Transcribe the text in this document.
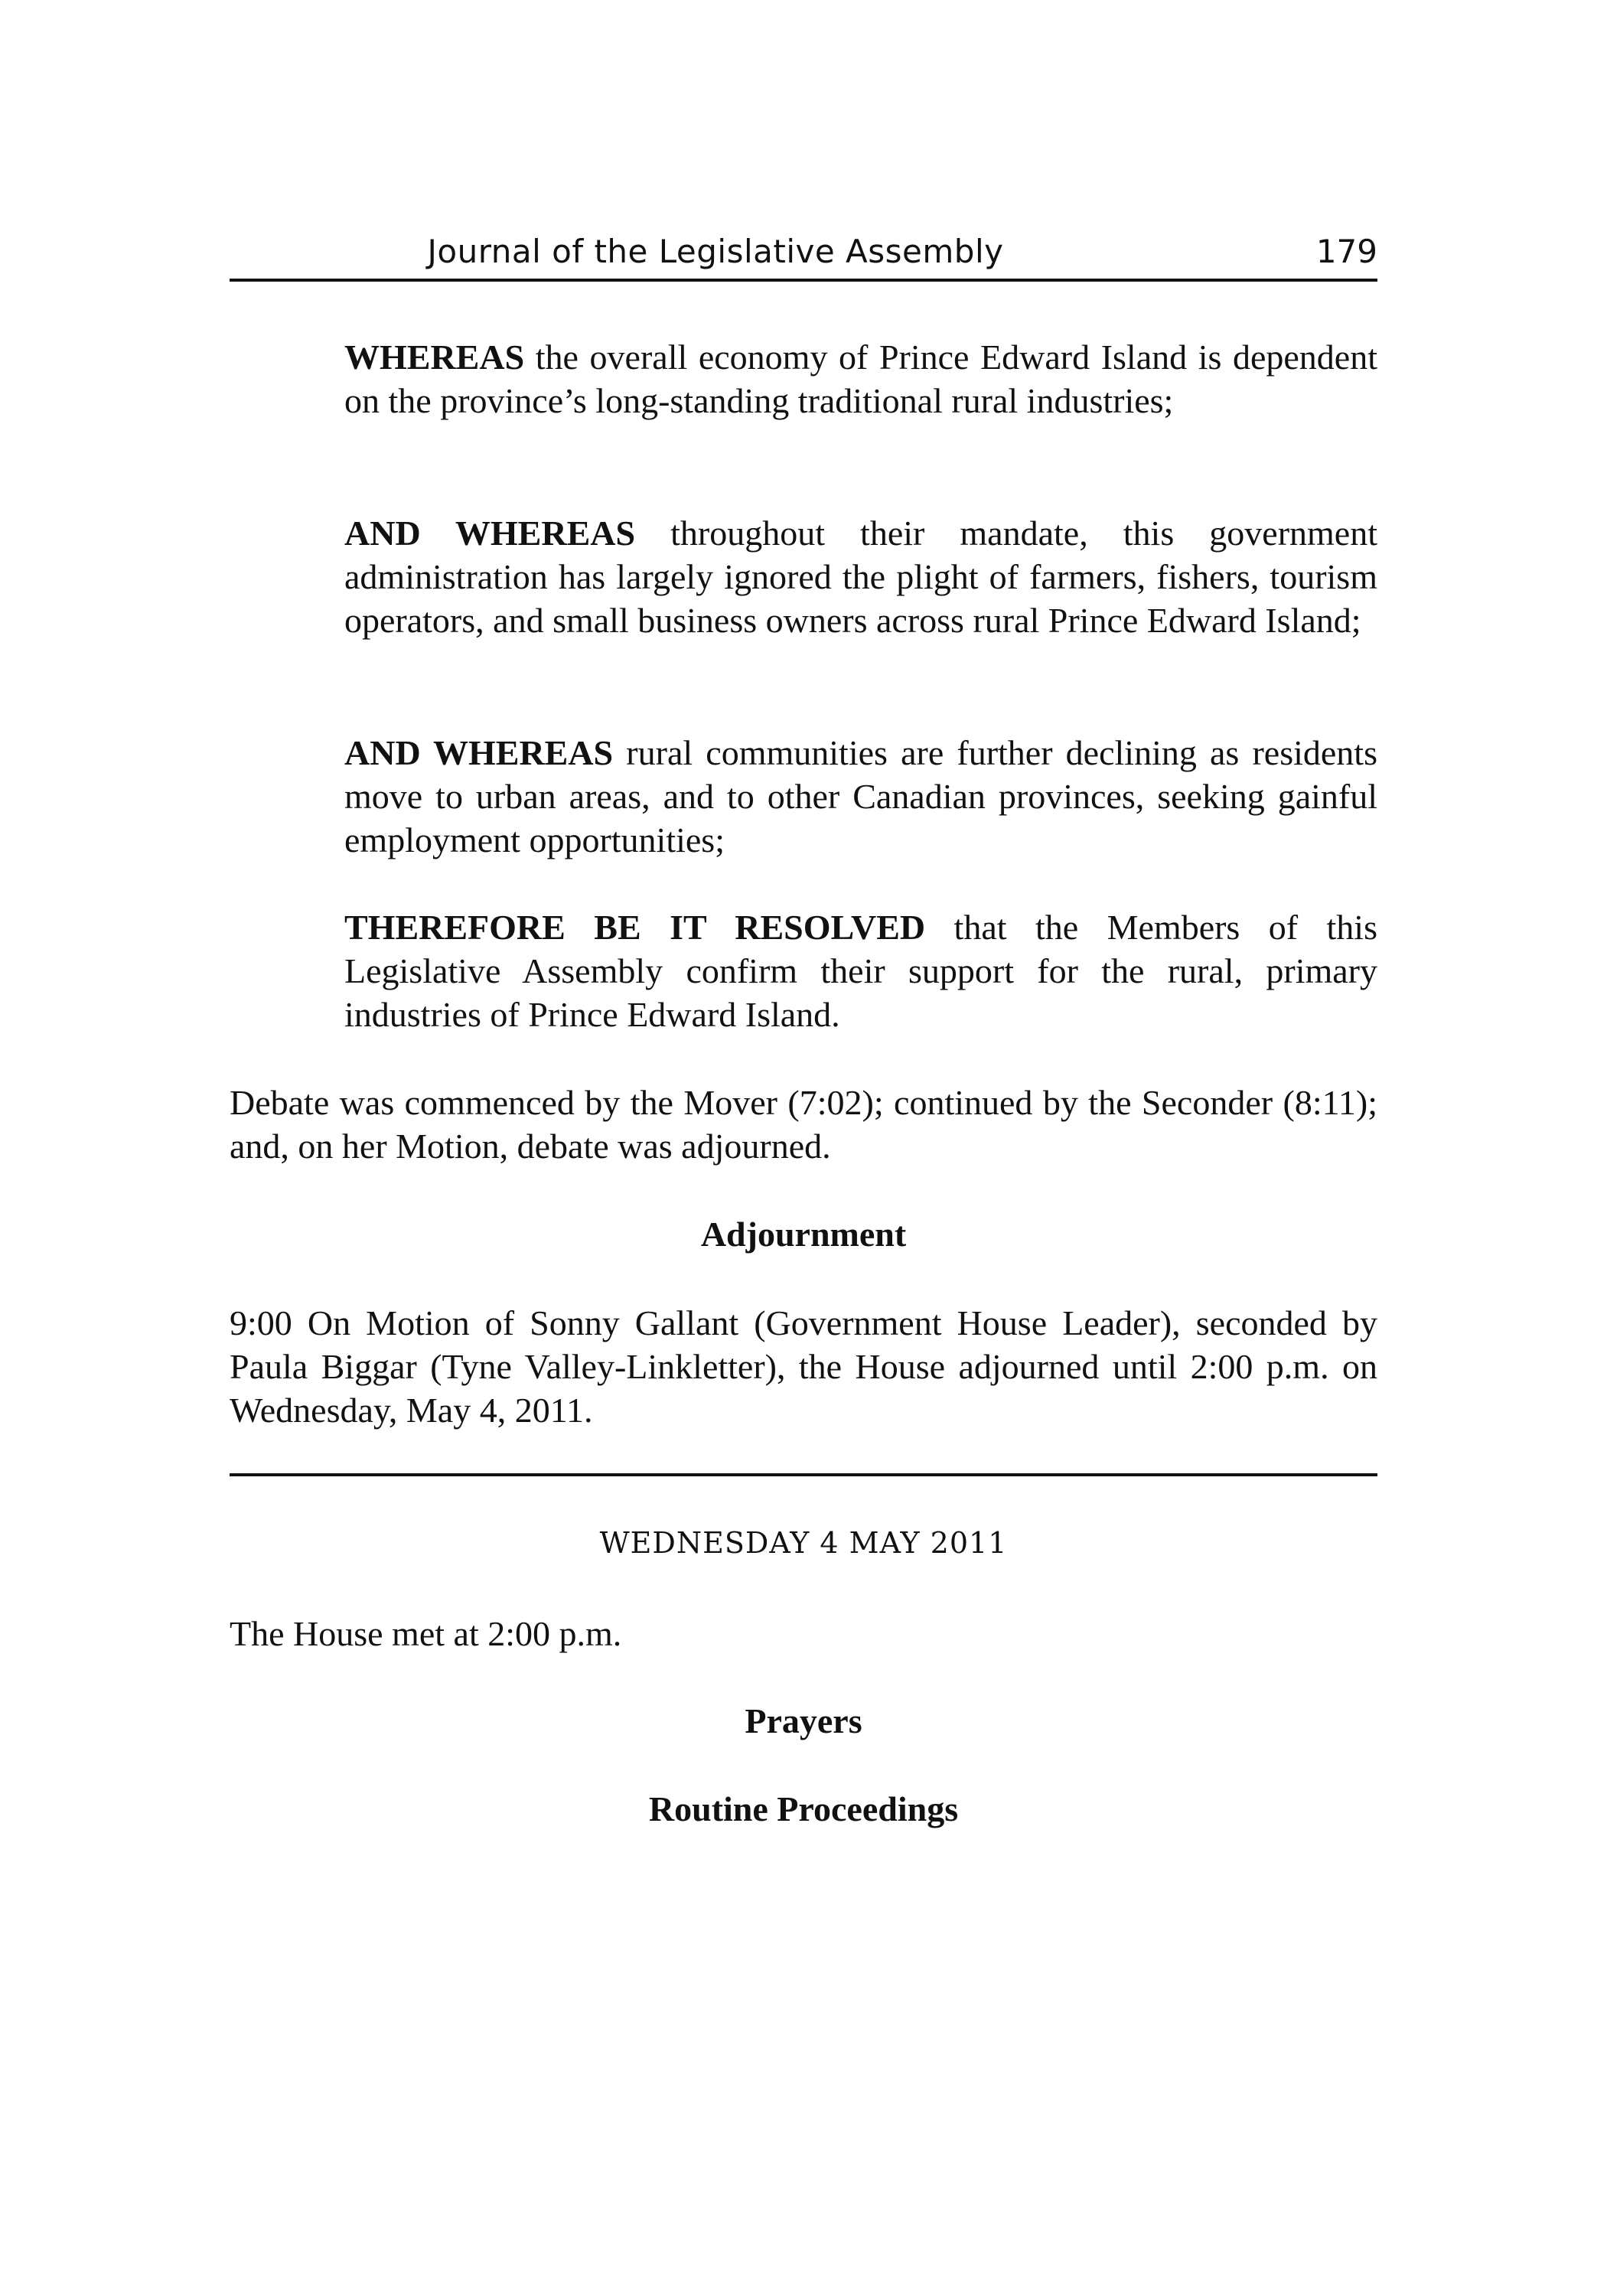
Journal of the Legislative Assembly	179

WHEREAS the overall economy of Prince Edward Island is dependent on the province’s long-standing traditional rural industries;

AND WHEREAS throughout their mandate, this government administration has largely ignored the plight of farmers, fishers, tourism operators, and small business owners across rural Prince Edward Island;

AND WHEREAS rural communities are further declining as residents move to urban areas, and to other Canadian provinces, seeking gainful employment opportunities;

THEREFORE BE IT RESOLVED that the Members of this Legislative Assembly confirm their support for the rural, primary industries of Prince Edward Island.

Debate was commenced by the Mover (7:02); continued by the Seconder (8:11); and, on her Motion, debate was adjourned.

Adjournment

9:00 On Motion of Sonny Gallant (Government House Leader), seconded by Paula Biggar (Tyne Valley-Linkletter), the House adjourned until 2:00 p.m. on Wednesday, May 4, 2011.

WEDNESDAY 4 MAY 2011

The House met at 2:00 p.m.

Prayers

Routine Proceedings
